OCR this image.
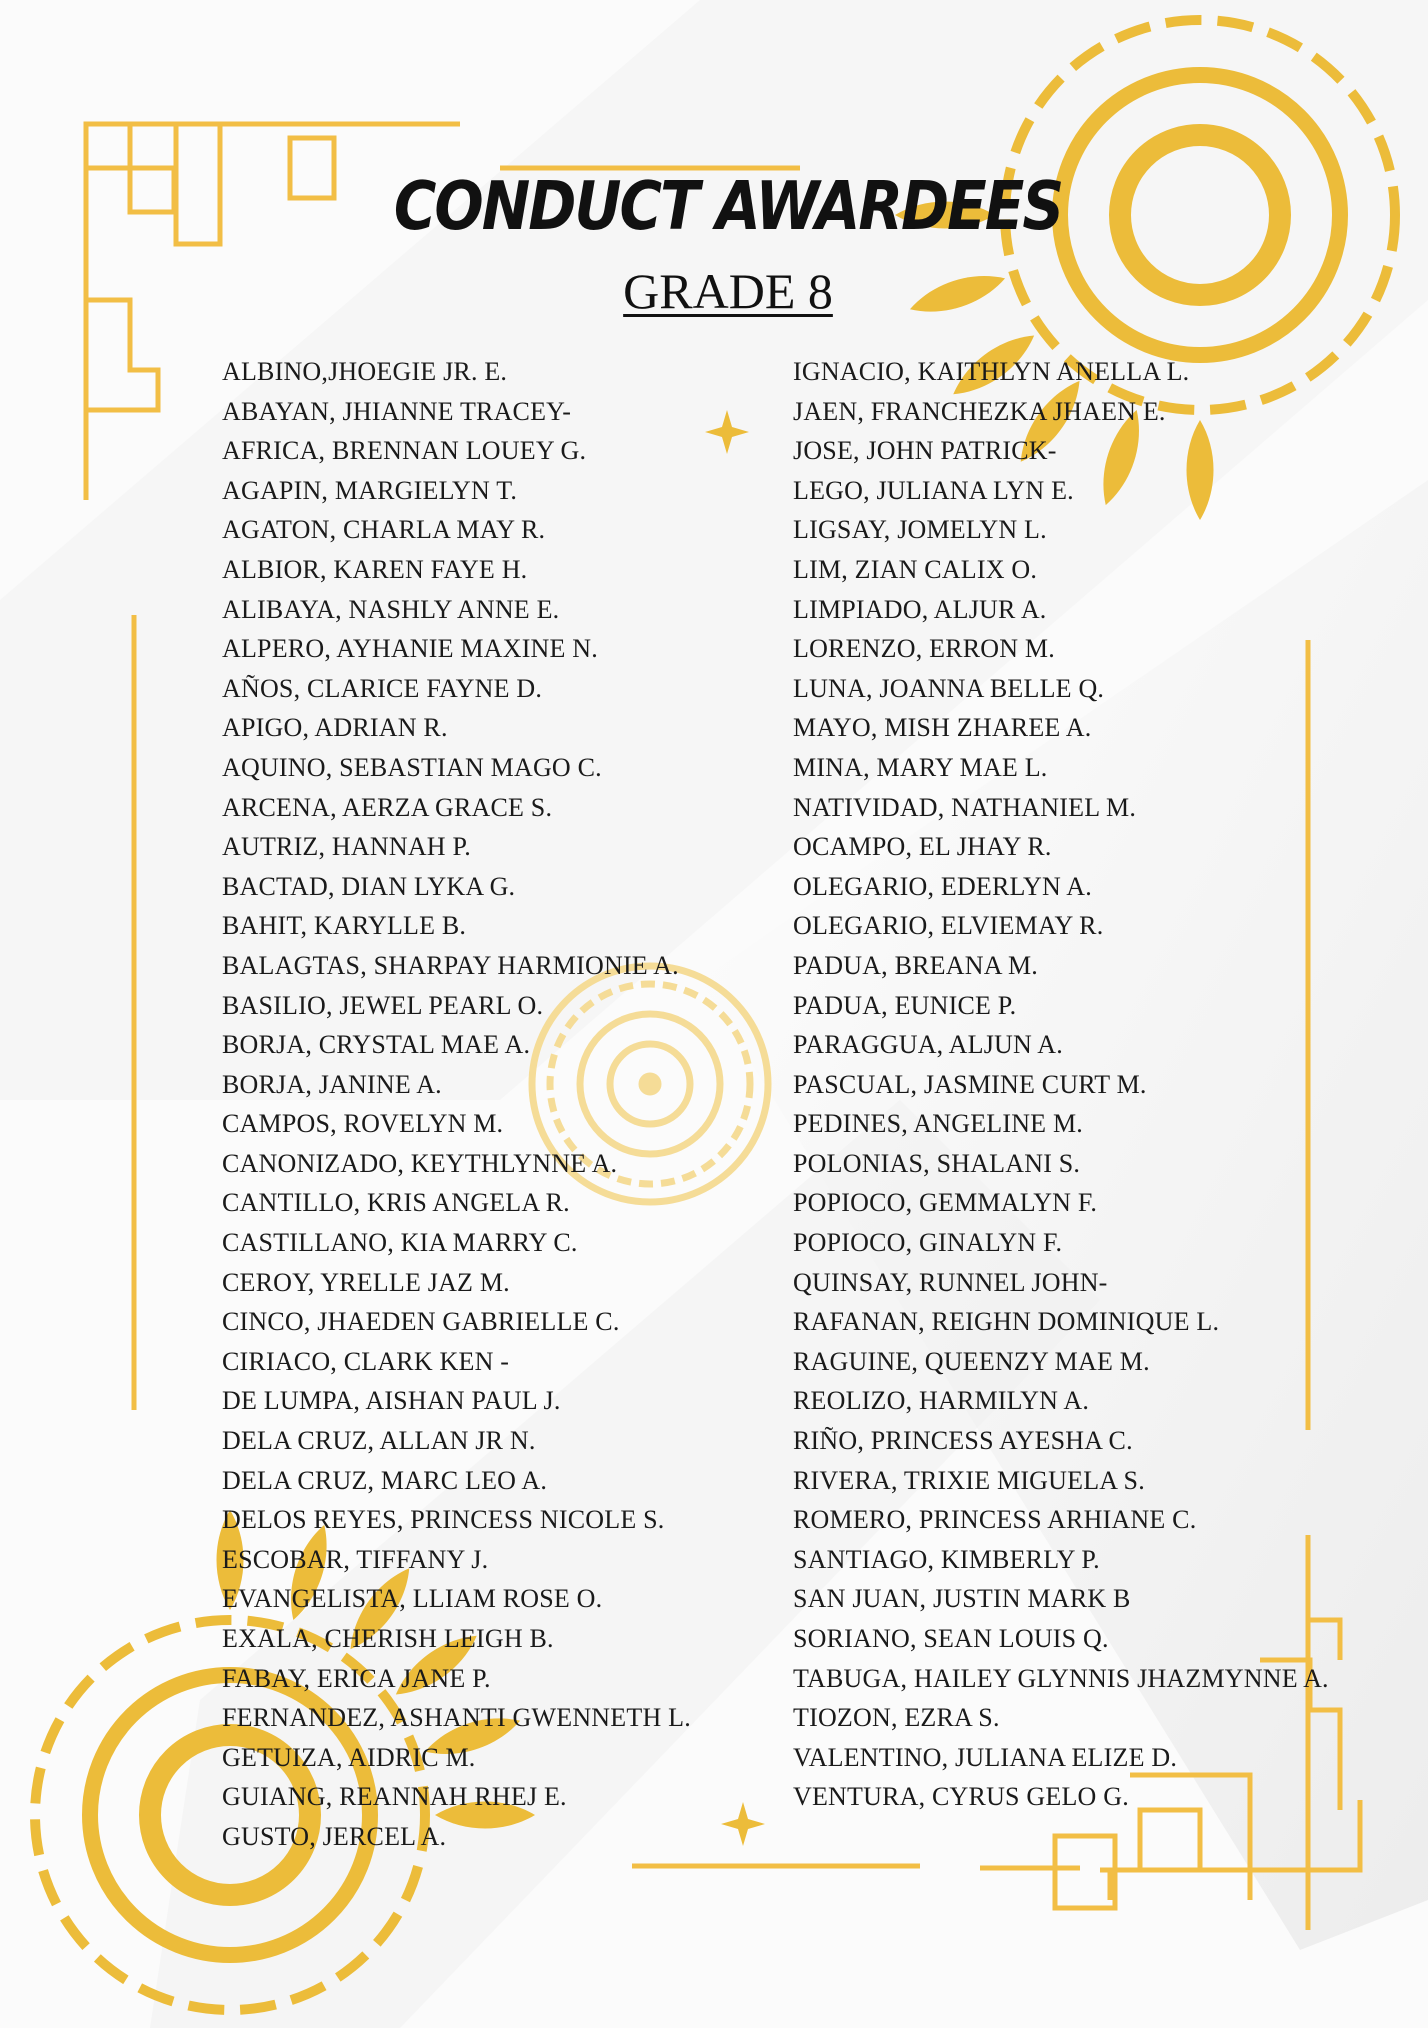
CONDUCT AWARDEES
GRADE 8
ALBINO,JHOEGIE JR. E.
ABAYAN, JHIANNE TRACEY-
AFRICA, BRENNAN LOUEY G.
AGAPIN, MARGIELYN T.
AGATON, CHARLA MAY R.
ALBIOR, KAREN FAYE H.
ALIBAYA, NASHLY ANNE E.
ALPERO, AYHANIE MAXINE N.
AÑOS, CLARICE FAYNE D.
APIGO, ADRIAN R.
AQUINO, SEBASTIAN MAGO C.
ARCENA, AERZA GRACE S.
AUTRIZ, HANNAH P.
BACTAD, DIAN LYKA G.
BAHIT, KARYLLE B.
BALAGTAS, SHARPAY HARMIONIE A.
BASILIO, JEWEL PEARL O.
BORJA, CRYSTAL MAE A.
BORJA, JANINE A.
CAMPOS, ROVELYN M.
CANONIZADO, KEYTHLYNNE A.
CANTILLO, KRIS ANGELA R.
CASTILLANO, KIA MARRY C.
CEROY, YRELLE JAZ M.
CINCO, JHAEDEN GABRIELLE C.
CIRIACO, CLARK KEN -
DE LUMPA, AISHAN PAUL J.
DELA CRUZ, ALLAN JR N.
DELA CRUZ, MARC LEO A.
DELOS REYES, PRINCESS NICOLE S.
ESCOBAR, TIFFANY J.
EVANGELISTA, LLIAM ROSE O.
EXALA, CHERISH LEIGH B.
FABAY, ERICA JANE P.
FERNANDEZ, ASHANTI GWENNETH L.
GETUIZA, AIDRIC M.
GUIANG, REANNAH RHEJ E.
GUSTO, JERCEL A.
IGNACIO, KAITHLYN ANELLA L.
JAEN, FRANCHEZKA JHAEN E.
JOSE, JOHN PATRICK-
LEGO, JULIANA LYN E.
LIGSAY, JOMELYN L.
LIM, ZIAN CALIX O.
LIMPIADO, ALJUR A.
LORENZO, ERRON M.
LUNA, JOANNA BELLE Q.
MAYO, MISH ZHAREE A.
MINA, MARY MAE L.
NATIVIDAD, NATHANIEL M.
OCAMPO, EL JHAY R.
OLEGARIO, EDERLYN A.
OLEGARIO, ELVIEMAY R.
PADUA, BREANA M.
PADUA, EUNICE P.
PARAGGUA, ALJUN A.
PASCUAL, JASMINE CURT M.
PEDINES, ANGELINE M.
POLONIAS, SHALANI S.
POPIOCO, GEMMALYN F.
POPIOCO, GINALYN F.
QUINSAY, RUNNEL JOHN-
RAFANAN, REIGHN DOMINIQUE L.
RAGUINE, QUEENZY MAE M.
REOLIZO, HARMILYN A.
RIÑO, PRINCESS AYESHA C.
RIVERA, TRIXIE MIGUELA S.
ROMERO, PRINCESS ARHIANE C.
SANTIAGO, KIMBERLY P.
SAN JUAN, JUSTIN MARK B
SORIANO, SEAN LOUIS Q.
TABUGA, HAILEY GLYNNIS JHAZMYNNE A.
TIOZON, EZRA S.
VALENTINO, JULIANA ELIZE D.
VENTURA, CYRUS GELO G.
